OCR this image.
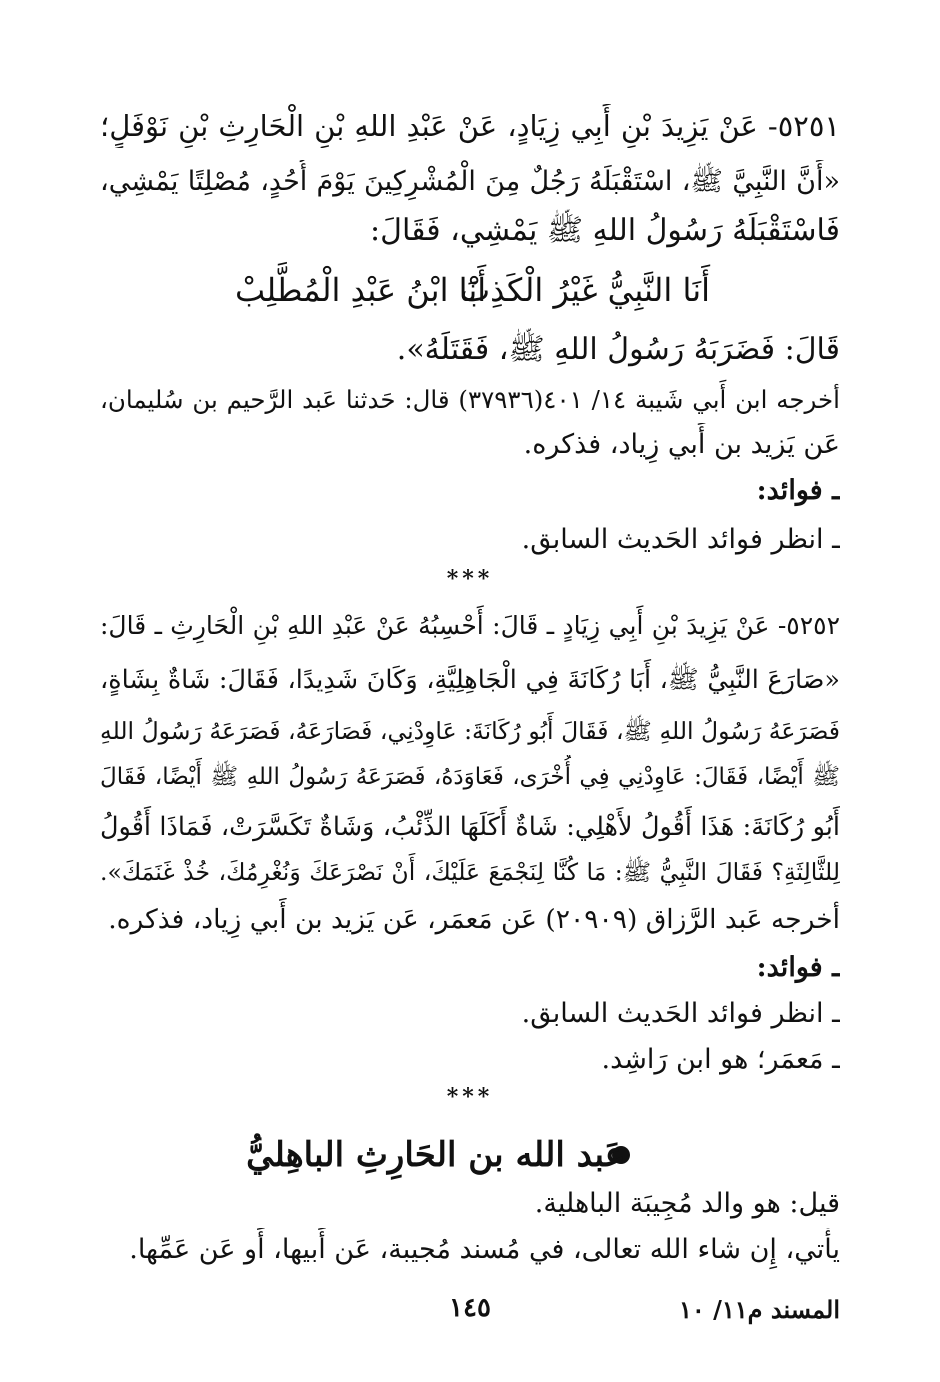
٥٢٥١- عَنْ يَزِيدَ بْنِ أَبِي زِيَادٍ، عَنْ عَبْدِ اللهِ بْنِ الْحَارِثِ بْنِ نَوْفَلٍ؛
«أَنَّ النَّبِيَّ ﷺ، اسْتَقْبَلَهُ رَجُلٌ مِنَ الْمُشْرِكِينَ يَوْمَ أُحُدٍ، مُصْلِتًا يَمْشِي،
فَاسْتَقْبَلَهُ رَسُولُ اللهِ ﷺ يَمْشِي، فَقَالَ:
أَنَا النَّبِيُّ غَيْرُ الْكَذِبْ
أَنَا ابْنُ عَبْدِ الْمُطَّلِبْ
قَالَ: فَضَرَبَهُ رَسُولُ اللهِ ﷺ، فَقَتَلَهُ».
أخرجه ابن أَبي شَيبة ١٤/ ٤٠١(٣٧٩٣٦) قال: حَدثنا عَبد الرَّحيم بن سُليمان،
عَن يَزيد بن أَبي زِياد، فذكره.
ـ فوائد:
ـ انظر فوائد الحَديث السابق.
***
٥٢٥٢- عَنْ يَزِيدَ بْنِ أَبِي زِيَادٍ ـ قَالَ: أَحْسِبُهُ عَنْ عَبْدِ اللهِ بْنِ الْحَارِثِ ـ قَالَ:
«صَارَعَ النَّبِيُّ ﷺ، أَبَا رُكَانَةَ فِي الْجَاهِلِيَّةِ، وَكَانَ شَدِيدًا، فَقَالَ: شَاةٌ بِشَاةٍ،
فَصَرَعَهُ رَسُولُ اللهِ ﷺ، فَقَالَ أَبُو رُكَانَةَ: عَاوِدْنِي، فَصَارَعَهُ، فَصَرَعَهُ رَسُولُ اللهِ
ﷺ أَيْضًا، فَقَالَ: عَاوِدْنِي فِي أُخْرَى، فَعَاوَدَهُ، فَصَرَعَهُ رَسُولُ اللهِ ﷺ أَيْضًا، فَقَالَ
أَبُو رُكَانَةَ: هَذَا أَقُولُ لأَهْلِي: شَاةٌ أَكَلَهَا الذِّئْبُ، وَشَاةٌ تَكَسَّرَتْ، فَمَاذَا أَقُولُ
لِلثَّالِثَةِ؟ فَقَالَ النَّبِيُّ ﷺ: مَا كُنَّا لِنَجْمَعَ عَلَيْكَ، أَنْ نَصْرَعَكَ وَنُغْرِمُكَ، خُذْ غَنَمَكَ».
أخرجه عَبد الرَّزاق (٢٠٩٠٩) عَن مَعمَر، عَن يَزيد بن أَبي زِياد، فذكره.
ـ فوائد:
ـ انظر فوائد الحَديث السابق.
ـ مَعمَر؛ هو ابن رَاشِد.
***
عَبد الله بن الحَارِثِ الباهِليُّ
قيل: هو والد مُجِيبَة الباهلية.
يأْتي، إِن شاء الله تعالى، في مُسند مُجيبة، عَن أَبيها، أَو عَن عَمِّها.
المسند م١١/ ١٠
١٤٥
